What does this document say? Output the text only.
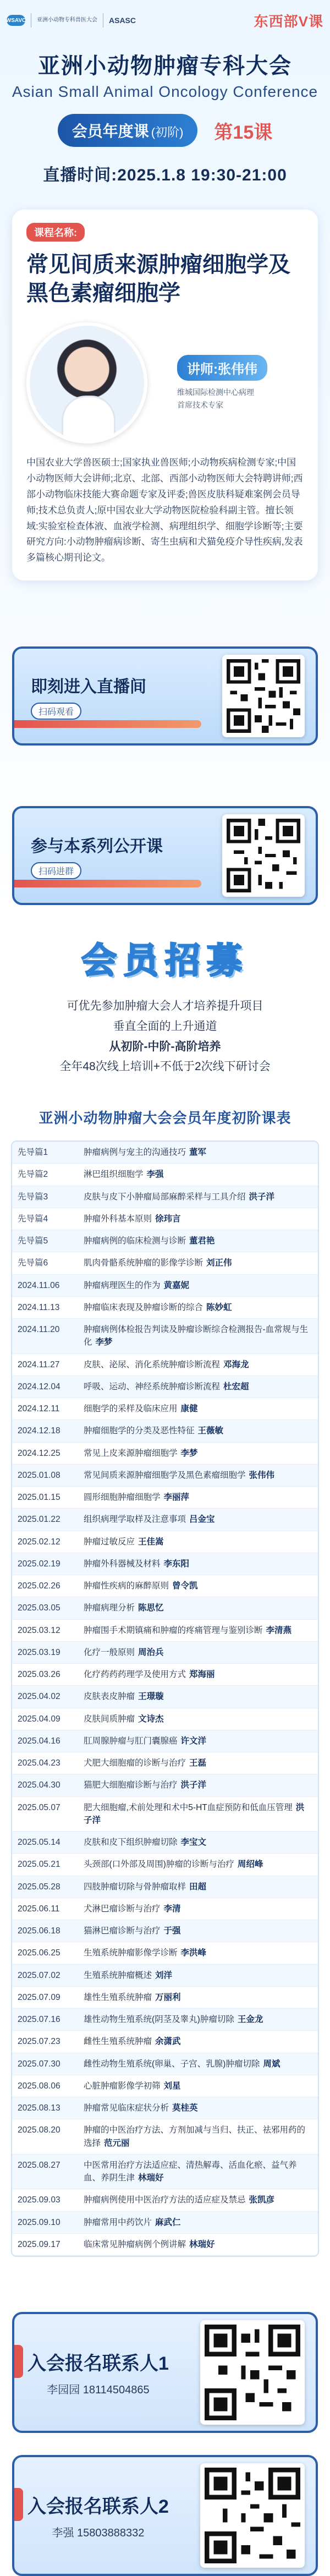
WSAVC 亚洲小动物专科兽医大会 ASASC	东西部V课
亚洲小动物肿瘤专科大会
Asian Small Animal Oncology Conference
会员年度课 (初阶)	第15课
直播时间:2025.1.8 19:30-21:00
课程名称:
常见间质来源肿瘤细胞学及黑色素瘤细胞学
讲师:张伟伟
维城国际检测中心病理
首席技术专家
中国农业大学兽医硕士;国家执业兽医师;小动物疾病检测专家;中国小动物医师大会讲师;北京、北部、西部小动物医师大会特聘讲师;西部小动物临床技能大赛命题专家及评委;兽医皮肤科疑难案例会员导师;技术总负责人;原中国农业大学动物医院检验科副主管。擅长领域:实验室检查体液、血液学检测、病理组织学、细胞学诊断等;主要研究方向:小动物肿瘤病诊断、寄生虫病和犬猫免疫介导性疾病,发表多篇核心期刊论文。
即刻进入直播间
扫码观看
参与本系列公开课
扫码进群
会员招募
可优先参加肿瘤大会人才培养提升项目
垂直全面的上升通道
从初阶-中阶-高阶培养
全年48次线上培训+不低于2次线下研讨会
亚洲小动物肿瘤大会会员年度初阶课表
先导篇1	肿瘤病例与宠主的沟通技巧 董军
先导篇2	淋巴组织细胞学 李强
先导篇3	皮肤与皮下小肿瘤局部麻醉采样与工具介绍 洪子洋
先导篇4	肿瘤外科基本原则 徐玮言
先导篇5	肿瘤病例的临床检测与诊断 董君艳
先导篇6	肌肉骨骼系统肿瘤的影像学诊断 刘正伟
2024.11.06	肿瘤病理医生的作为 黄嘉妮
2024.11.13	肿瘤临床表现及肿瘤诊断的综合 陈妙虹
2024.11.20	肿瘤病例体检报告判读及肿瘤诊断综合检测报告-血常规与生化 李梦
2024.11.27	皮肤、泌尿、消化系统肿瘤诊断流程 邓海龙
2024.12.04	呼吸、运动、神经系统肿瘤诊断流程 杜宏超
2024.12.11	细胞学的采样及临床应用 康健
2024.12.18	肿瘤细胞学的分类及恶性特征 王薇敏
2024.12.25	常见上皮来源肿瘤细胞学 李梦
2025.01.08	常见间质来源肿瘤细胞学及黑色素瘤细胞学 张伟伟
2025.01.15	圆形细胞肿瘤细胞学 李丽萍
2025.01.22	组织病理学取样及注意事项 吕金宝
2025.02.12	肿瘤过敏反应 王佳嵩
2025.02.19	肿瘤外科器械及材料 李东阳
2025.02.26	肿瘤性疾病的麻醉原则 曾令凯
2025.03.05	肿瘤病理分析 陈思忆
2025.03.12	肿瘤围手术期镇痛和肿瘤的疼痛管理与鉴别诊断 李清燕
2025.03.19	化疗一般原则 周治兵
2025.03.26	化疗药药药理学及使用方式 郑海丽
2025.04.02	皮肤表皮肿瘤 王璟璇
2025.04.09	皮肤间质肿瘤 文诗杰
2025.04.16	肛周腺肿瘤与肛门囊腺癌 许文洋
2025.04.23	犬肥大细胞瘤的诊断与治疗 王磊
2025.04.30	猫肥大细胞瘤诊断与治疗 洪子洋
2025.05.07	肥大细胞瘤,术前处理和术中5-HT血症预防和低血压管理 洪子洋
2025.05.14	皮肤和皮下组织肿瘤切除 李宝文
2025.05.21	头颈部(口外部及周围)肿瘤的诊断与治疗 周绍峰
2025.05.28	四肢肿瘤切除与骨肿瘤取样 田超
2025.06.11	犬淋巴瘤诊断与治疗 李清
2025.06.18	猫淋巴瘤诊断与治疗 于强
2025.06.25	生殖系统肿瘤影像学诊断 李洪峰
2025.07.02	生殖系统肿瘤概述 刘洋
2025.07.09	雄性生殖系统肿瘤 万丽利
2025.07.16	雄性动物生殖系统(阴茎及睾丸)肿瘤切除 王金龙
2025.07.23	雌性生殖系统肿瘤 余潇武
2025.07.30	雌性动物生殖系统(卵巢、子宫、乳腺)肿瘤切除 周斌
2025.08.06	心脏肿瘤影像学初筛 刘星
2025.08.13	肿瘤常见临床症状分析 莫桂英
2025.08.20	肿瘤的中医治疗方法、方剂加减与当归、扶正、祛邪用药的选择 范元丽
2025.08.27	中医常用治疗方法适应症、清热解毒、活血化瘀、益气养血、养阴生津 林瑞好
2025.09.03	肿瘤病例使用中医治疗方法的适应症及禁忌 张凯彦
2025.09.10	肿瘤常用中药饮片 麻武仁
2025.09.17	临床常见肿瘤病例个例讲解 林瑞好
入会报名联系人1
李园园 18114504865
入会报名联系人2
李强 15803888332
